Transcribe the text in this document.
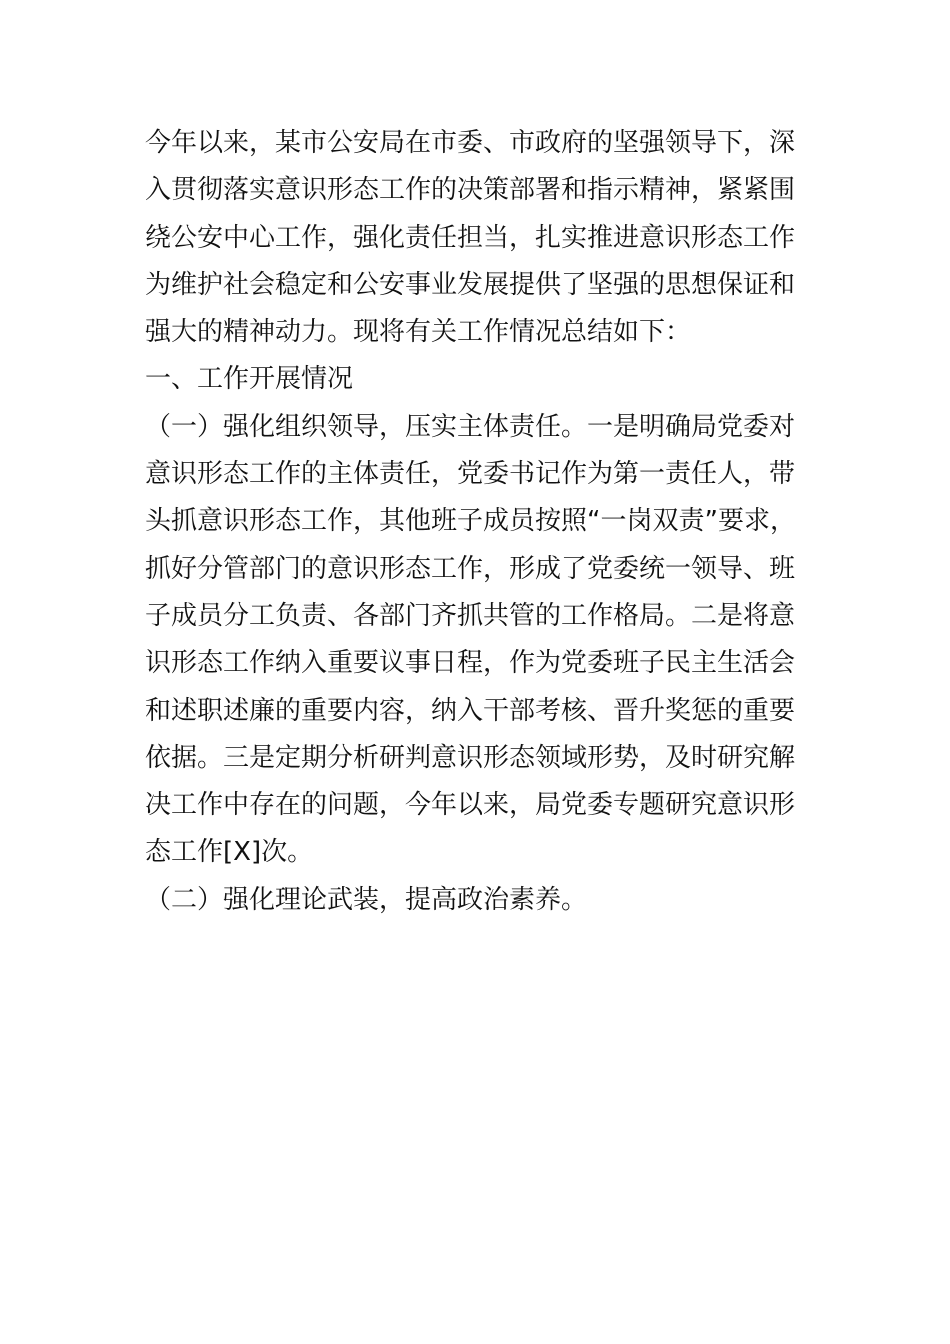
今年以来，某市公安局在市委、市政府的坚强领导下，深入贯彻落实意识形态工作的决策部署和指示精神，紧紧围绕公安中心工作，强化责任担当，扎实推进意识形态工作为维护社会稳定和公安事业发展提供了坚强的思想保证和强大的精神动力。现将有关工作情况总结如下：

一、工作开展情况

（一）强化组织领导，压实主体责任。一是明确局党委对意识形态工作的主体责任，党委书记作为第一责任人，带头抓意识形态工作，其他班子成员按照“一岗双责”要求，抓好分管部门的意识形态工作，形成了党委统一领导、班子成员分工负责、各部门齐抓共管的工作格局。二是将意识形态工作纳入重要议事日程，作为党委班子民主生活会和述职述廉的重要内容，纳入干部考核、晋升奖惩的重要依据。三是定期分析研判意识形态领域形势，及时研究解决工作中存在的问题，今年以来，局党委专题研究意识形态工作[X]次。

（二）强化理论武装，提高政治素养。
